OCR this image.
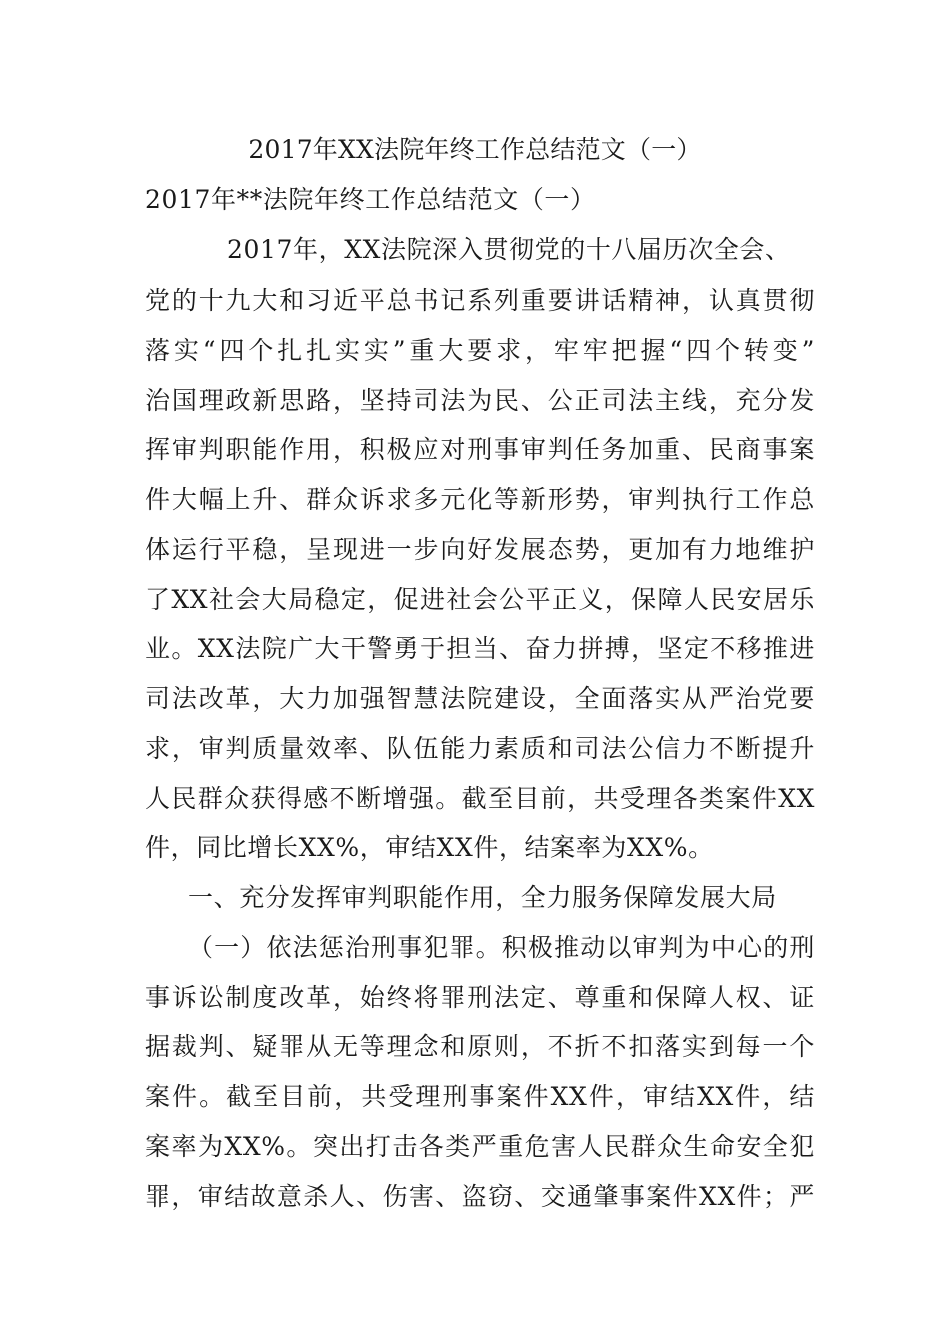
2017年XX法院年终工作总结范文（一）
2017年**法院年终工作总结范文（一）
2017年，XX法院深入贯彻党的十八届历次全会、
党的十九大和习近平总书记系列重要讲话精神，认真贯彻
落实“四个扎扎实实”重大要求，牢牢把握“四个转变”
治国理政新思路，坚持司法为民、公正司法主线，充分发
挥审判职能作用，积极应对刑事审判任务加重、民商事案
件大幅上升、群众诉求多元化等新形势，审判执行工作总
体运行平稳，呈现进一步向好发展态势，更加有力地维护
了XX社会大局稳定，促进社会公平正义，保障人民安居乐
业。XX法院广大干警勇于担当、奋力拼搏，坚定不移推进
司法改革，大力加强智慧法院建设，全面落实从严治党要
求，审判质量效率、队伍能力素质和司法公信力不断提升
人民群众获得感不断增强。截至目前，共受理各类案件XX
件，同比增长XX%，审结XX件，结案率为XX%。
一、充分发挥审判职能作用，全力服务保障发展大局
（一）依法惩治刑事犯罪。积极推动以审判为中心的刑
事诉讼制度改革，始终将罪刑法定、尊重和保障人权、证
据裁判、疑罪从无等理念和原则，不折不扣落实到每一个
案件。截至目前，共受理刑事案件XX件，审结XX件，结
案率为XX%。突出打击各类严重危害人民群众生命安全犯
罪，审结故意杀人、伤害、盗窃、交通肇事案件XX件；严
